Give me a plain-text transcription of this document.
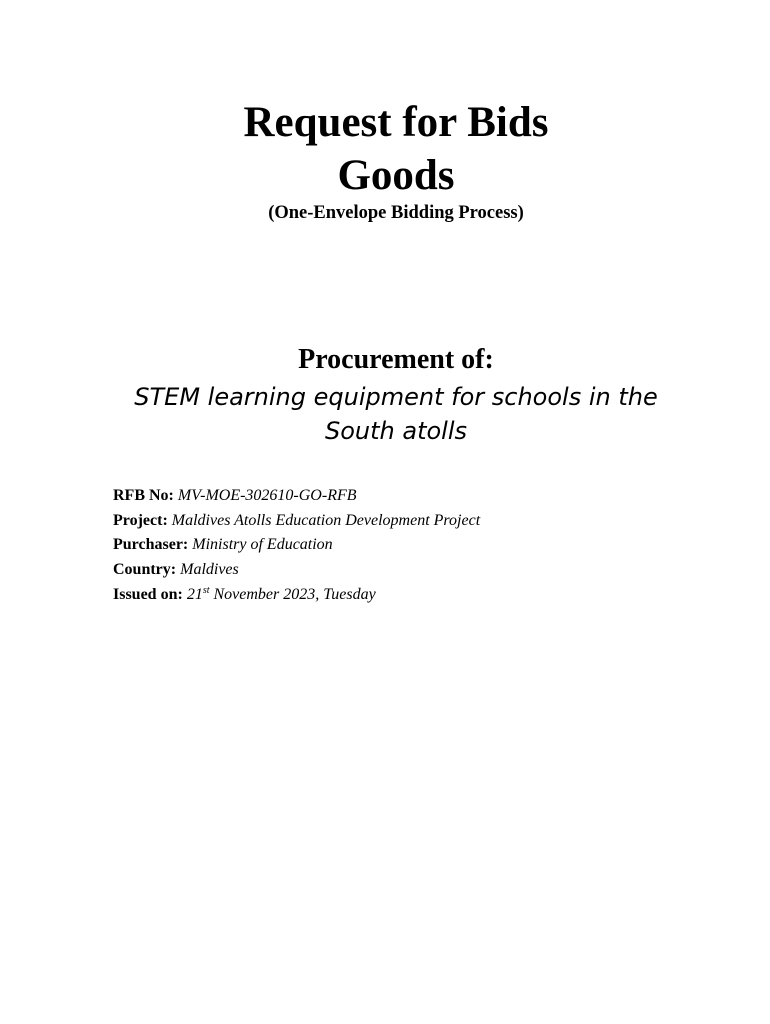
Request for Bids
Goods

(One-Envelope Bidding Process)

Procurement of:

STEM learning equipment for schools in the South atolls

RFB No: MV-MOE-302610-GO-RFB
Project: Maldives Atolls Education Development Project
Purchaser: Ministry of Education
Country: Maldives
Issued on: 21st November 2023, Tuesday
